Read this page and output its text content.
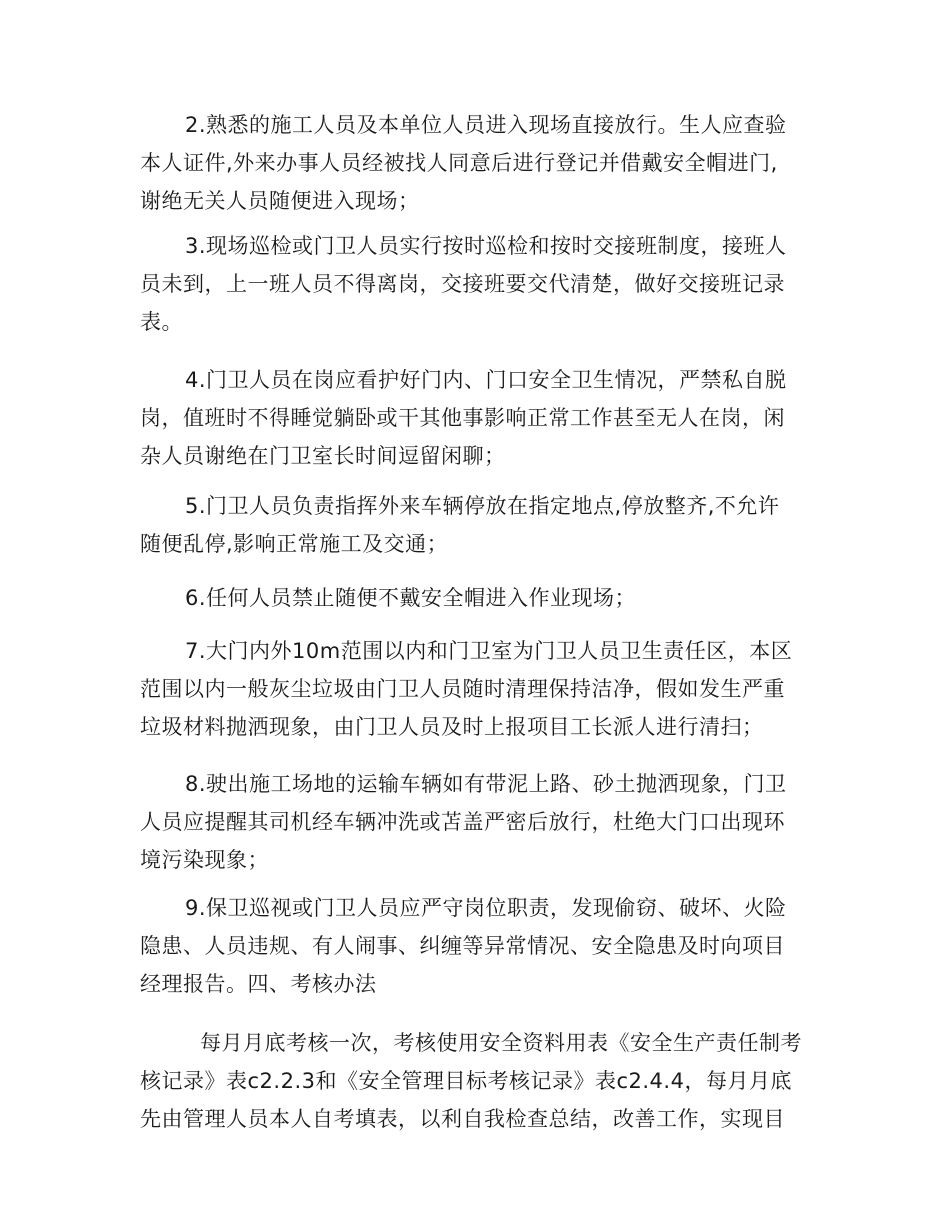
2.熟悉的施工人员及本单位人员进入现场直接放行。生人应查验

本人证件,外来办事人员经被找人同意后进行登记并借戴安全帽进门,

谢绝无关人员随便进入现场；

3.现场巡检或门卫人员实行按时巡检和按时交接班制度，接班人

员未到，上一班人员不得离岗，交接班要交代清楚，做好交接班记录

表。

4.门卫人员在岗应看护好门内、门口安全卫生情况，严禁私自脱

岗，值班时不得睡觉躺卧或干其他事影响正常工作甚至无人在岗，闲

杂人员谢绝在门卫室长时间逗留闲聊；

5.门卫人员负责指挥外来车辆停放在指定地点,停放整齐,不允许

随便乱停,影响正常施工及交通；

6.任何人员禁止随便不戴安全帽进入作业现场；

7.大门内外10m范围以内和门卫室为门卫人员卫生责任区，本区

范围以内一般灰尘垃圾由门卫人员随时清理保持洁净，假如发生严重

垃圾材料抛洒现象，由门卫人员及时上报项目工长派人进行清扫；

8.驶出施工场地的运输车辆如有带泥上路、砂土抛洒现象，门卫

人员应提醒其司机经车辆冲洗或苫盖严密后放行，杜绝大门口出现环

境污染现象；

9.保卫巡视或门卫人员应严守岗位职责，发现偷窃、破坏、火险

隐患、人员违规、有人闹事、纠缠等异常情况、安全隐患及时向项目

经理报告。四、考核办法

每月月底考核一次，考核使用安全资料用表《安全生产责任制考

核记录》表c2.2.3和《安全管理目标考核记录》表c2.4.4，每月月底

先由管理人员本人自考填表，以利自我检查总结，改善工作，实现目
